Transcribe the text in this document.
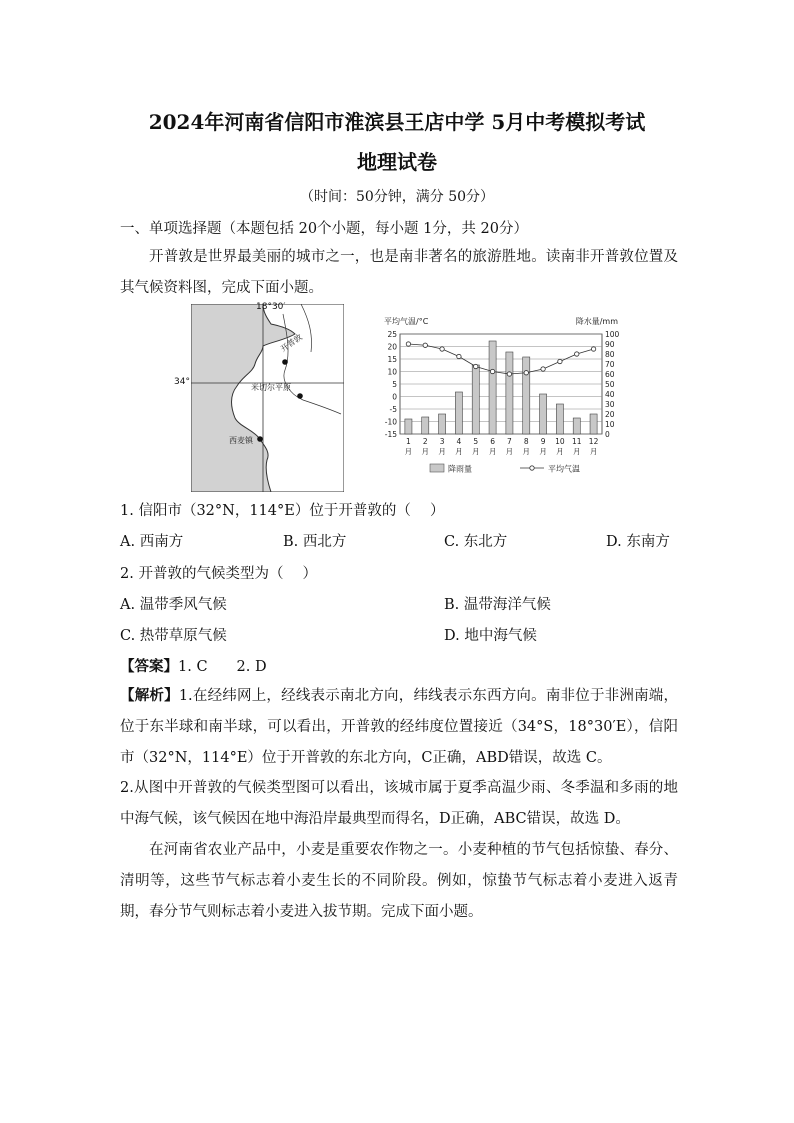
2024年河南省信阳市淮滨县王店中学 5月中考模拟考试
地理试卷
（时间：50分钟，满分 50分）
一、单项选择题（本题包括 20个小题，每小题 1分，共 20分）
开普敦是世界最美丽的城市之一，也是南非著名的旅游胜地。读南非开普敦位置及其气候资料图，完成下面小题。
开普敦
米切尔平原
西麦镇
18°30′
34°
平均气温/°C	降水量/mm
25
20
15
10
5
0
-5
-10
-15
100
90
80
70
60
50
40
30
20
10
0
1
月
2
月
3
月
4
月
5
月
6
月
7
月
8
月
9
月
10
月
11
月
12
月
降雨量	平均气温
1. 信阳市（32°N，114°E）位于开普敦的（　 ）
A. 西南方	B. 西北方	C. 东北方	D. 东南方
2. 开普敦的气候类型为（　 ）
A. 温带季风气候	B. 温带海洋气候
C. 热带草原气候	D. 地中海气候
【答案】1. C　　2. D
【解析】1.在经纬网上，经线表示南北方向，纬线表示东西方向。南非位于非洲南端，位于东半球和南半球，可以看出，开普敦的经纬度位置接近（34°S，18°30′E），信阳市（32°N，114°E）位于开普敦的东北方向，C正确，ABD错误，故选 C。
2.从图中开普敦的气候类型图可以看出，该城市属于夏季高温少雨、冬季温和多雨的地中海气候，该气候因在地中海沿岸最典型而得名，D正确，ABC错误，故选 D。
在河南省农业产品中，小麦是重要农作物之一。小麦种植的节气包括惊蛰、春分、清明等，这些节气标志着小麦生长的不同阶段。例如，惊蛰节气标志着小麦进入返青期，春分节气则标志着小麦进入拔节期。完成下面小题。
